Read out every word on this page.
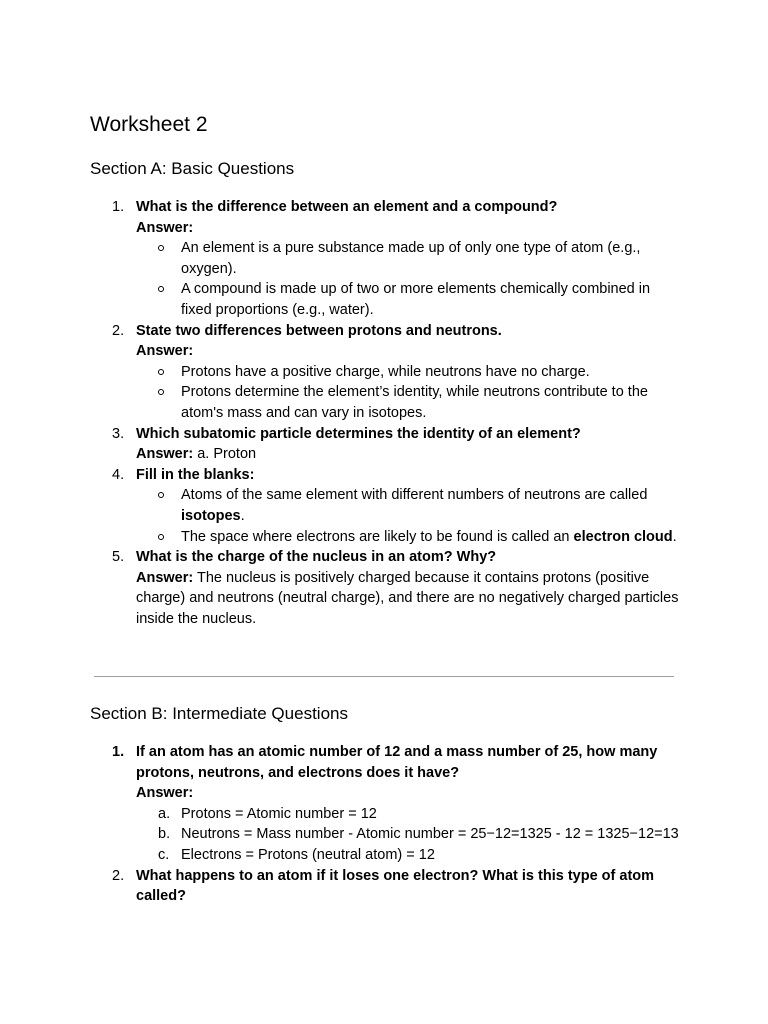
Worksheet 2
Section A: Basic Questions
1. What is the difference between an element and a compound?
Answer:
An element is a pure substance made up of only one type of atom (e.g., oxygen).
A compound is made up of two or more elements chemically combined in fixed proportions (e.g., water).
2. State two differences between protons and neutrons.
Answer:
Protons have a positive charge, while neutrons have no charge.
Protons determine the element’s identity, while neutrons contribute to the atom's mass and can vary in isotopes.
3. Which subatomic particle determines the identity of an element?
Answer: a. Proton
4. Fill in the blanks:
Atoms of the same element with different numbers of neutrons are called isotopes.
The space where electrons are likely to be found is called an electron cloud.
5. What is the charge of the nucleus in an atom? Why?
Answer: The nucleus is positively charged because it contains protons (positive charge) and neutrons (neutral charge), and there are no negatively charged particles inside the nucleus.
Section B: Intermediate Questions
1. If an atom has an atomic number of 12 and a mass number of 25, how many protons, neutrons, and electrons does it have?
Answer:
a. Protons = Atomic number = 12
b. Neutrons = Mass number - Atomic number = 25−12=1325 - 12 = 1325−12=13
c. Electrons = Protons (neutral atom) = 12
2. What happens to an atom if it loses one electron? What is this type of atom called?
